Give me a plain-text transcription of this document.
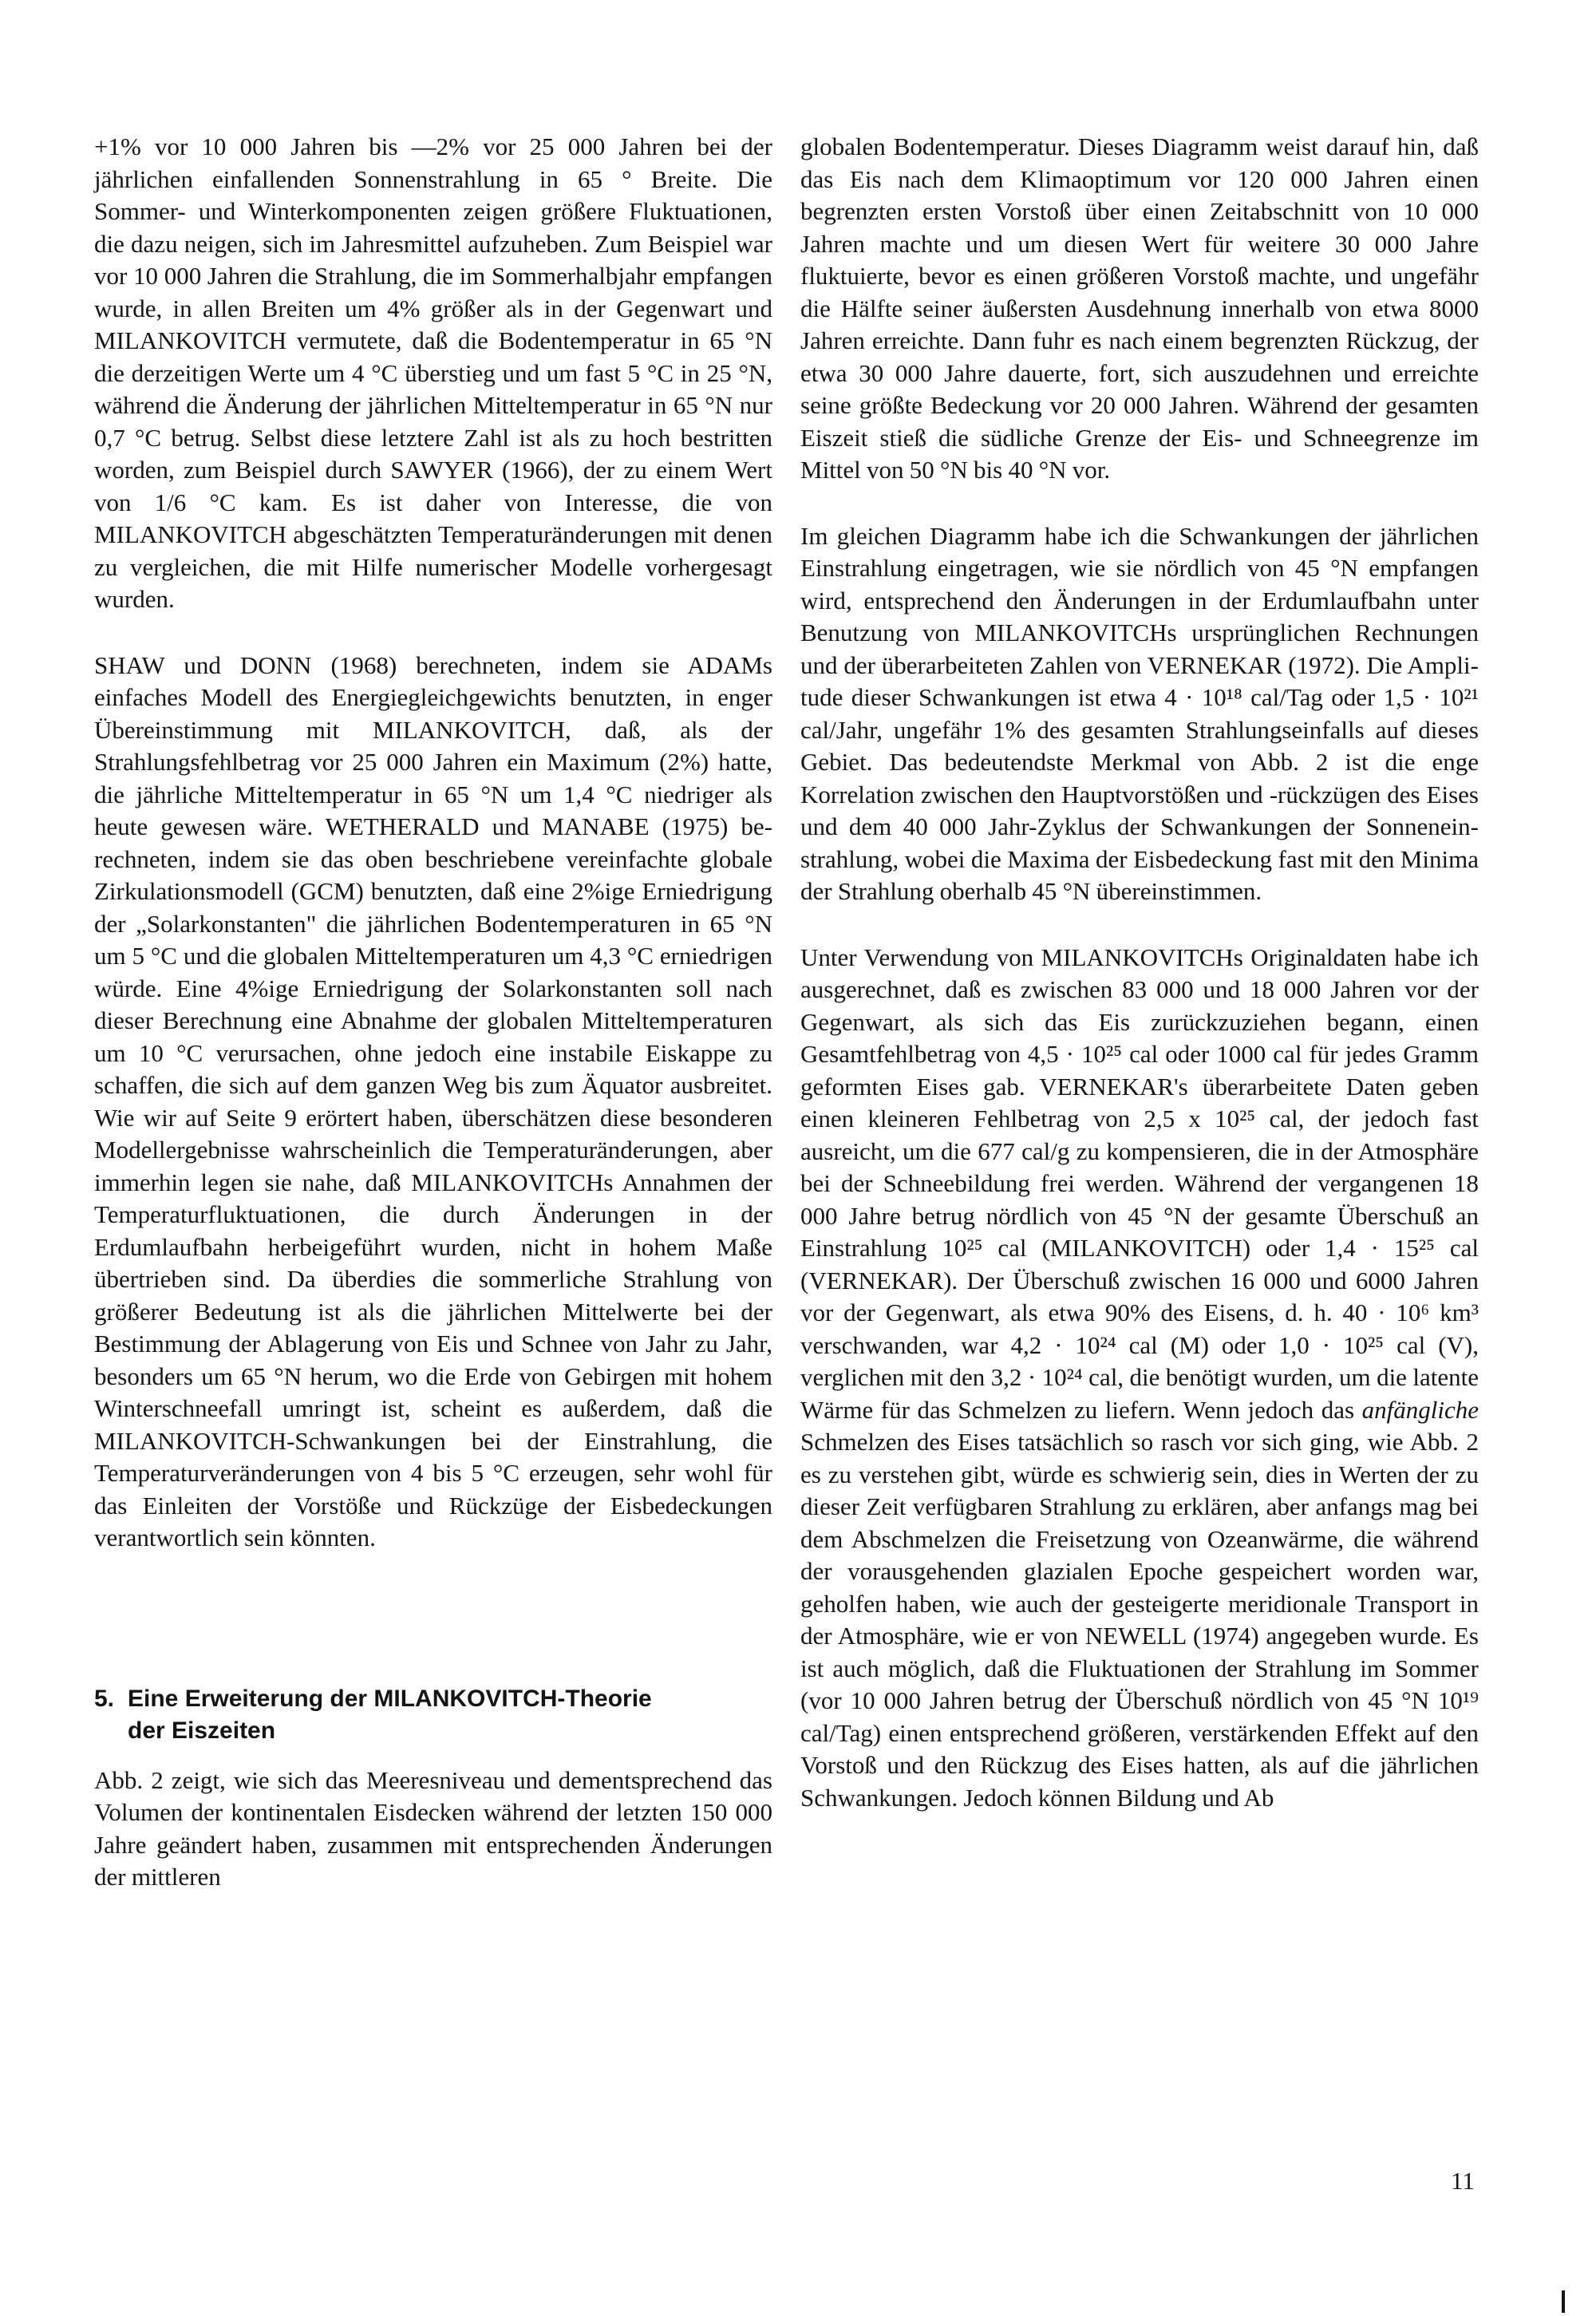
+1% vor 10 000 Jahren bis —2% vor 25 000 Jahren bei der jährlichen einfallenden Sonnenstrahlung in 65 ° Breite. Die Sommer- und Winterkomponenten zeigen größere Fluktuationen, die dazu neigen, sich im Jahresmittel aufzuheben. Zum Beispiel war vor 10 000 Jahren die Strahlung, die im Sommerhalbjahr empfangen wurde, in allen Breiten um 4% größer als in der Gegenwart und MILANKOVITCH vermutete, daß die Bodentemperatur in 65 °N die derzeitigen Werte um 4 °C überstieg und um fast 5 °C in 25 °N, während die Änderung der jährlichen Mitteltemperatur in 65 °N nur 0,7 °C betrug. Selbst diese letztere Zahl ist als zu hoch bestritten worden, zum Beispiel durch SAWYER (1966), der zu einem Wert von 1/6 °C kam. Es ist daher von Interesse, die von MILANKOVITCH abgeschätzten Temperaturänderungen mit denen zu vergleichen, die mit Hilfe numerischer Modelle vorhergesagt wurden.

SHAW und DONN (1968) berechneten, indem sie ADAMs einfaches Modell des Energiegleichgewichts benutzten, in enger Übereinstimmung mit MILANKOVITCH, daß, als der Strahlungsfehlbetrag vor 25 000 Jahren ein Maximum (2%) hatte, die jährliche Mitteltemperatur in 65 °N um 1,4 °C niedriger als heute gewesen wäre. WETHERALD und MANABE (1975) berechneten, indem sie das oben beschriebene vereinfachte globale Zirkulationsmodell (GCM) benutzten, daß eine 2%ige Erniedrigung der „Solarkonstanten" die jährlichen Bodentemperaturen in 65 °N um 5 °C und die globalen Mitteltemperaturen um 4,3 °C erniedrigen würde. Eine 4%ige Erniedrigung der Solarkonstanten soll nach dieser Berechnung eine Abnahme der globalen Mitteltemperaturen um 10 °C verursachen, ohne jedoch eine instabile Eiskappe zu schaffen, die sich auf dem ganzen Weg bis zum Äquator ausbreitet. Wie wir auf Seite 9 erörtert haben, überschätzen diese besonderen Modellergebnisse wahrscheinlich die Temperaturänderungen, aber immerhin legen sie nahe, daß MILANKOVITCHs Annahmen der Temperaturfluktuationen, die durch Änderungen in der Erdumlaufbahn herbeigeführt wurden, nicht in hohem Maße übertrieben sind. Da überdies die sommerliche Strahlung von größerer Bedeutung ist als die jährlichen Mittelwerte bei der Bestimmung der Ablagerung von Eis und Schnee von Jahr zu Jahr, besonders um 65 °N herum, wo die Erde von Gebirgen mit hohem Winterschneefall umringt ist, scheint es außerdem, daß die MILANKOVITCH-Schwankungen bei der Einstrahlung, die Temperaturveränderungen von 4 bis 5 °C erzeugen, sehr wohl für das Einleiten der Vorstöße und Rückzüge der Eisbedeckungen verantwortlich sein könnten.

5. Eine Erweiterung der MILANKOVITCH-Theorie
der Eiszeiten

Abb. 2 zeigt, wie sich das Meeresniveau und dementsprechend das Volumen der kontinentalen Eisdecken während der letzten 150 000 Jahre geändert haben, zusammen mit entsprechenden Änderungen der mittleren

globalen Bodentemperatur. Dieses Diagramm weist darauf hin, daß das Eis nach dem Klimaoptimum vor 120 000 Jahren einen begrenzten ersten Vorstoß über einen Zeitabschnitt von 10 000 Jahren machte und um diesen Wert für weitere 30 000 Jahre fluktuierte, bevor es einen größeren Vorstoß machte, und ungefähr die Hälfte seiner äußersten Ausdehnung innerhalb von etwa 8000 Jahren erreichte. Dann fuhr es nach einem begrenzten Rückzug, der etwa 30 000 Jahre dauerte, fort, sich auszudehnen und erreichte seine größte Bedeckung vor 20 000 Jahren. Während der gesamten Eiszeit stieß die südliche Grenze der Eis- und Schneegrenze im Mittel von 50 °N bis 40 °N vor.

Im gleichen Diagramm habe ich die Schwankungen der jährlichen Einstrahlung eingetragen, wie sie nördlich von 45 °N empfangen wird, entsprechend den Änderungen in der Erdumlaufbahn unter Benutzung von MILANKOVITCHs ursprünglichen Rechnungen und der überarbeiteten Zahlen von VERNEKAR (1972). Die Amplitude dieser Schwankungen ist etwa 4 · 10¹⁸ cal/Tag oder 1,5 · 10²¹ cal/Jahr, ungefähr 1% des gesamten Strahlungseinfalls auf dieses Gebiet. Das bedeutendste Merkmal von Abb. 2 ist die enge Korrelation zwischen den Hauptvorstößen und -rückzügen des Eises und dem 40 000 Jahr-Zyklus der Schwankungen der Sonneneinstrahlung, wobei die Maxima der Eisbedeckung fast mit den Minima der Strahlung oberhalb 45 °N übereinstimmen.

Unter Verwendung von MILANKOVITCHs Originaldaten habe ich ausgerechnet, daß es zwischen 83 000 und 18 000 Jahren vor der Gegenwart, als sich das Eis zurückzuziehen begann, einen Gesamtfehlbetrag von 4,5 · 10²⁵ cal oder 1000 cal für jedes Gramm geformten Eises gab. VERNEKAR's überarbeitete Daten geben einen kleineren Fehlbetrag von 2,5 x 10²⁵ cal, der jedoch fast ausreicht, um die 677 cal/g zu kompensieren, die in der Atmosphäre bei der Schneebildung frei werden. Während der vergangenen 18 000 Jahre betrug nördlich von 45 °N der gesamte Überschuß an Einstrahlung 10²⁵ cal (MILANKOVITCH) oder 1,4 · 15²⁵ cal (VERNEKAR). Der Überschuß zwischen 16 000 und 6000 Jahren vor der Gegenwart, als etwa 90% des Eisens, d. h. 40 · 10⁶ km³ verschwanden, war 4,2 · 10²⁴ cal (M) oder 1,0 · 10²⁵ cal (V), verglichen mit den 3,2 · 10²⁴ cal, die benötigt wurden, um die latente Wärme für das Schmelzen zu liefern. Wenn jedoch das anfängliche Schmelzen des Eises tatsächlich so rasch vor sich ging, wie Abb. 2 es zu verstehen gibt, würde es schwierig sein, dies in Werten der zu dieser Zeit verfügbaren Strahlung zu erklären, aber anfangs mag bei dem Abschmelzen die Freisetzung von Ozeanwärme, die während der vorausgehenden glazialen Epoche gespeichert worden war, geholfen haben, wie auch der gesteigerte meridionale Transport in der Atmosphäre, wie er von NEWELL (1974) angegeben wurde. Es ist auch möglich, daß die Fluktuationen der Strahlung im Sommer (vor 10 000 Jahren betrug der Überschuß nördlich von 45 °N 10¹⁹ cal/Tag) einen entsprechend größeren, verstärkenden Effekt auf den Vorstoß und den Rückzug des Eises hatten, als auf die jährlichen Schwankungen. Jedoch können Bildung und Ab

11
